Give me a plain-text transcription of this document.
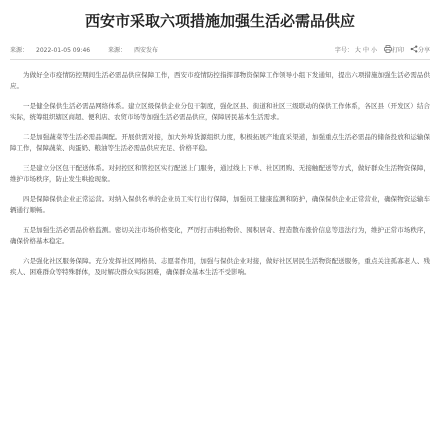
西安市采取六项措施加强生活必需品供应
来源： 2022-01-05 09:46	来源： 西安发布	字号： 大 中 小	打印 分享

为做好全市疫情防控期间生活必需品供应保障工作，西安市疫情防控指挥部物资保障工作领导小组下发通知，提出六项措施加强生活必需品供应。

一是健全保供生活必需品网络体系。建立区级保供企业分包干制度，强化区县、街道和社区三级联动的保供工作体系，各区县（开发区）结合实际，统筹组织辖区商超、便利店、农贸市场等加强生活必需品供应，保障居民基本生活需求。

二是加强蔬菜等生活必需品调配。开展供需对接，加大外埠货源组织力度，积极拓展产地直采渠道，加强重点生活必需品的储备投放和运输保障工作，保障蔬菜、肉蛋奶、粮油等生活必需品供应充足、价格平稳。

三是建立分区包干配送体系。对封控区和管控区实行配送上门服务，通过线上下单、社区团购、无接触配送等方式，做好群众生活物资保障，维护市场秩序，防止发生哄抢现象。

四是保障保供企业正常运营。对纳入保供名单的企业员工实行出行保障，加强员工健康监测和防护，确保保供企业正常营业，确保物资运输车辆通行顺畅。

五是加强生活必需品价格监测。密切关注市场价格变化，严厉打击哄抬物价、囤积居奇、捏造散布涨价信息等违法行为，维护正常市场秩序，确保价格基本稳定。

六是强化社区服务保障。充分发挥社区网格员、志愿者作用，加强与保供企业对接，做好社区居民生活物资配送服务，重点关注孤寡老人、残疾人、困难群众等特殊群体，及时解决群众实际困难，确保群众基本生活不受影响。
